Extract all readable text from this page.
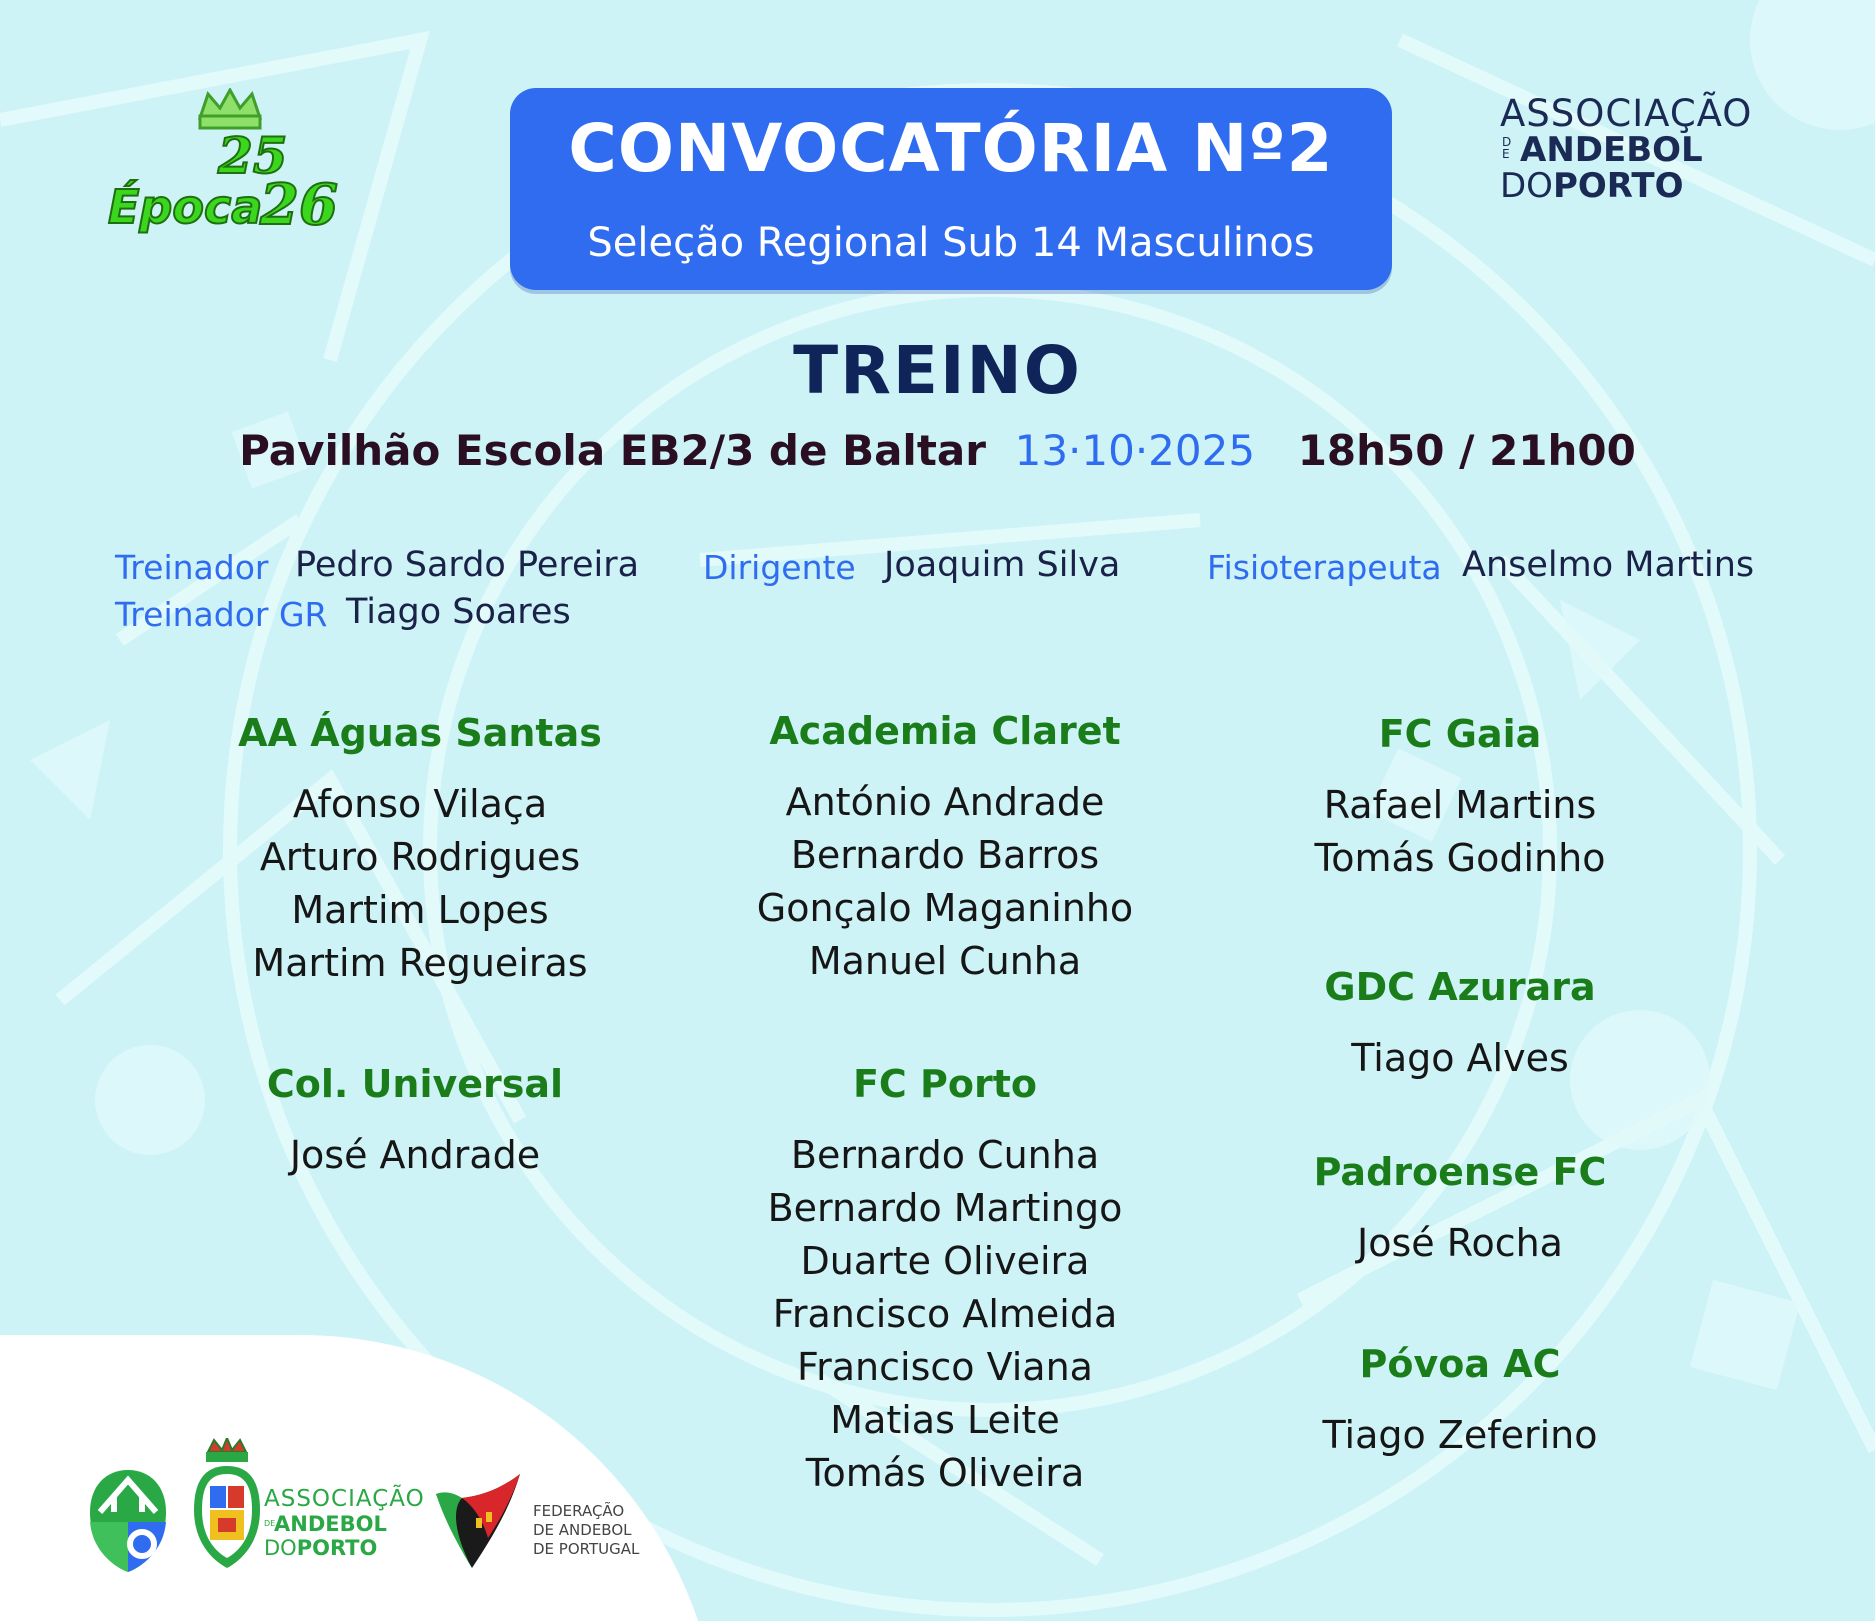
25
Época
26
CONVOCATÓRIA Nº2
Seleção Regional Sub 14 Masculinos
ASSOCIAÇÃO
DE ANDEBOL
DOPORTO
TREINO
Pavilhão Escola EB2/3 de Baltar 13·10·2025 18h50 / 21h00
Treinador Pedro Sardo Pereira
Treinador GR Tiago Soares
Dirigente Joaquim Silva	Fisioterapeuta Anselmo Martins
AA Águas Santas
Afonso Vilaça
Arturo Rodrigues
Martim Lopes
Martim Regueiras
Col. Universal
José Andrade
Academia Claret
António Andrade
Bernardo Barros
Gonçalo Maganinho
Manuel Cunha
FC Porto
Bernardo Cunha
Bernardo Martingo
Duarte Oliveira
Francisco Almeida
Francisco Viana
Matias Leite
Tomás Oliveira
FC Gaia
Rafael Martins
Tomás Godinho
GDC Azurara
Tiago Alves
Padroense FC
José Rocha
Póvoa AC
Tiago Zeferino
ASSOCIAÇÃO
DE
ANDEBOL
DOPORTO
FEDERAÇÃO
DE ANDEBOL
DE PORTUGAL
